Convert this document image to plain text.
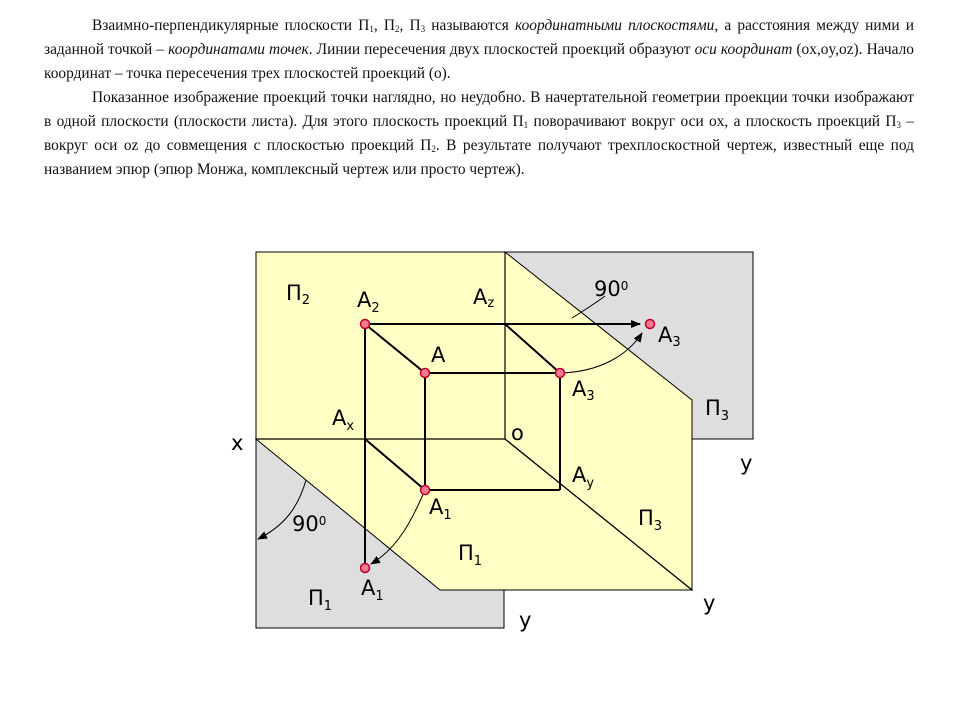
Взаимно-перпендикулярные плоскости $П_1$, $П_2$, $П_3$ называются координатными плоскостями, а расстояния между ними и заданной точкой – координатами точек. Линии пересечения двух плоскостей проекций образуют оси координат (ox,oy,oz). Начало координат – точка пересечения трех плоскостей проекций (о).

Показанное изображение проекций точки наглядно, но неудобно. В начертательной геометрии проекции точки изображают в одной плоскости (плоскости листа). Для этого плоскость проекций $П_1$ поворачивают вокруг оси ox, а плоскость проекций $П_3$ – вокруг оси oz до совмещения с плоскостью проекций $П_2$. В результате получают трехплоскостной чертеж, известный еще под названием эпюр (эпюр Монжа, комплексный чертеж или просто чертеж).

П2 $A_2$	Az
$90^0$
A3
A
A3	$П_3$
$A_x$
x	o
y
$A_y$
$A_1$
$90^0$	$П_3$
$П_1$
$A_1$
$П_1$	y
y
